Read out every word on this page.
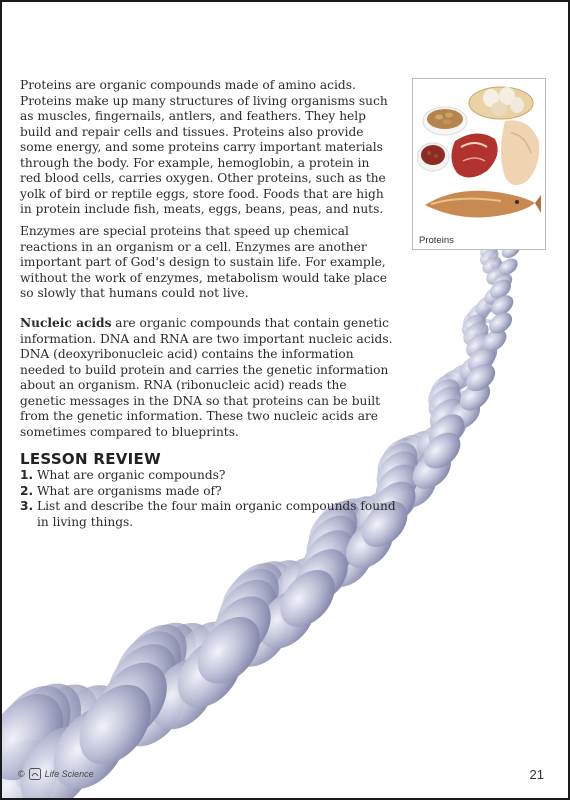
Proteins are organic compounds made of amino acids. Proteins make up many structures of living organisms such as muscles, fingernails, antlers, and feathers. They help build and repair cells and tissues. Proteins also provide some energy, and some proteins carry important materials through the body. For example, hemoglobin, a protein in red blood cells, carries oxygen. Other proteins, such as the yolk of bird or reptile eggs, store food. Foods that are high in protein include fish, meats, eggs, beans, peas, and nuts.

Enzymes are special proteins that speed up chemical reactions in an organism or a cell. Enzymes are another important part of God's design to sustain life. For example, without the work of enzymes, metabolism would take place so slowly that humans could not live.

Nucleic acids are organic compounds that contain genetic information. DNA and RNA are two important nucleic acids. DNA (deoxyribonucleic acid) contains the information needed to build protein and carries the genetic information about an organism. RNA (ribonucleic acid) reads the genetic messages in the DNA so that proteins can be built from the genetic information. These two nucleic acids are sometimes compared to blueprints.

LESSON REVIEW
1. What are organic compounds?
2. What are organisms made of?
3. List and describe the four main organic compounds found in living things.
Proteins
© Life Science	21
